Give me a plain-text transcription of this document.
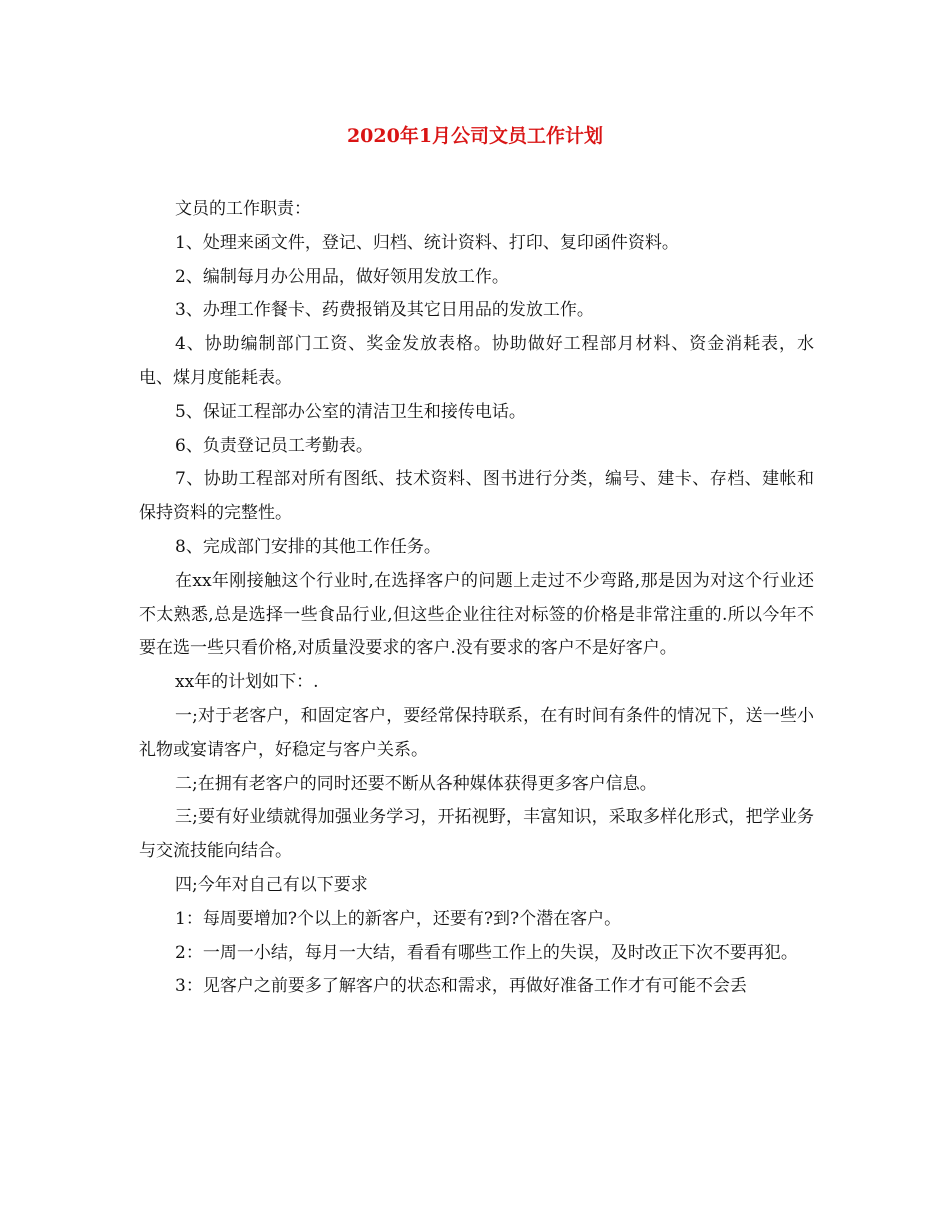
2020年1月公司文员工作计划

文员的工作职责：

1、处理来函文件，登记、归档、统计资料、打印、复印函件资料。

2、编制每月办公用品，做好领用发放工作。

3、办理工作餐卡、药费报销及其它日用品的发放工作。

4、协助编制部门工资、奖金发放表格。协助做好工程部月材料、资金消耗表，水电、煤月度能耗表。

5、保证工程部办公室的清洁卫生和接传电话。

6、负责登记员工考勤表。

7、协助工程部对所有图纸、技术资料、图书进行分类，编号、建卡、存档、建帐和保持资料的完整性。

8、完成部门安排的其他工作任务。

在xx年刚接触这个行业时,在选择客户的问题上走过不少弯路,那是因为对这个行业还不太熟悉,总是选择一些食品行业,但这些企业往往对标签的价格是非常注重的.所以今年不要在选一些只看价格,对质量没要求的客户.没有要求的客户不是好客户。

xx年的计划如下：.

一;对于老客户，和固定客户，要经常保持联系，在有时间有条件的情况下，送一些小礼物或宴请客户，好稳定与客户关系。

二;在拥有老客户的同时还要不断从各种媒体获得更多客户信息。

三;要有好业绩就得加强业务学习，开拓视野，丰富知识，采取多样化形式，把学业务与交流技能向结合。

四;今年对自己有以下要求

1：每周要增加?个以上的新客户，还要有?到?个潜在客户。

2：一周一小结，每月一大结，看看有哪些工作上的失误，及时改正下次不要再犯。

3：见客户之前要多了解客户的状态和需求，再做好准备工作才有可能不会丢
